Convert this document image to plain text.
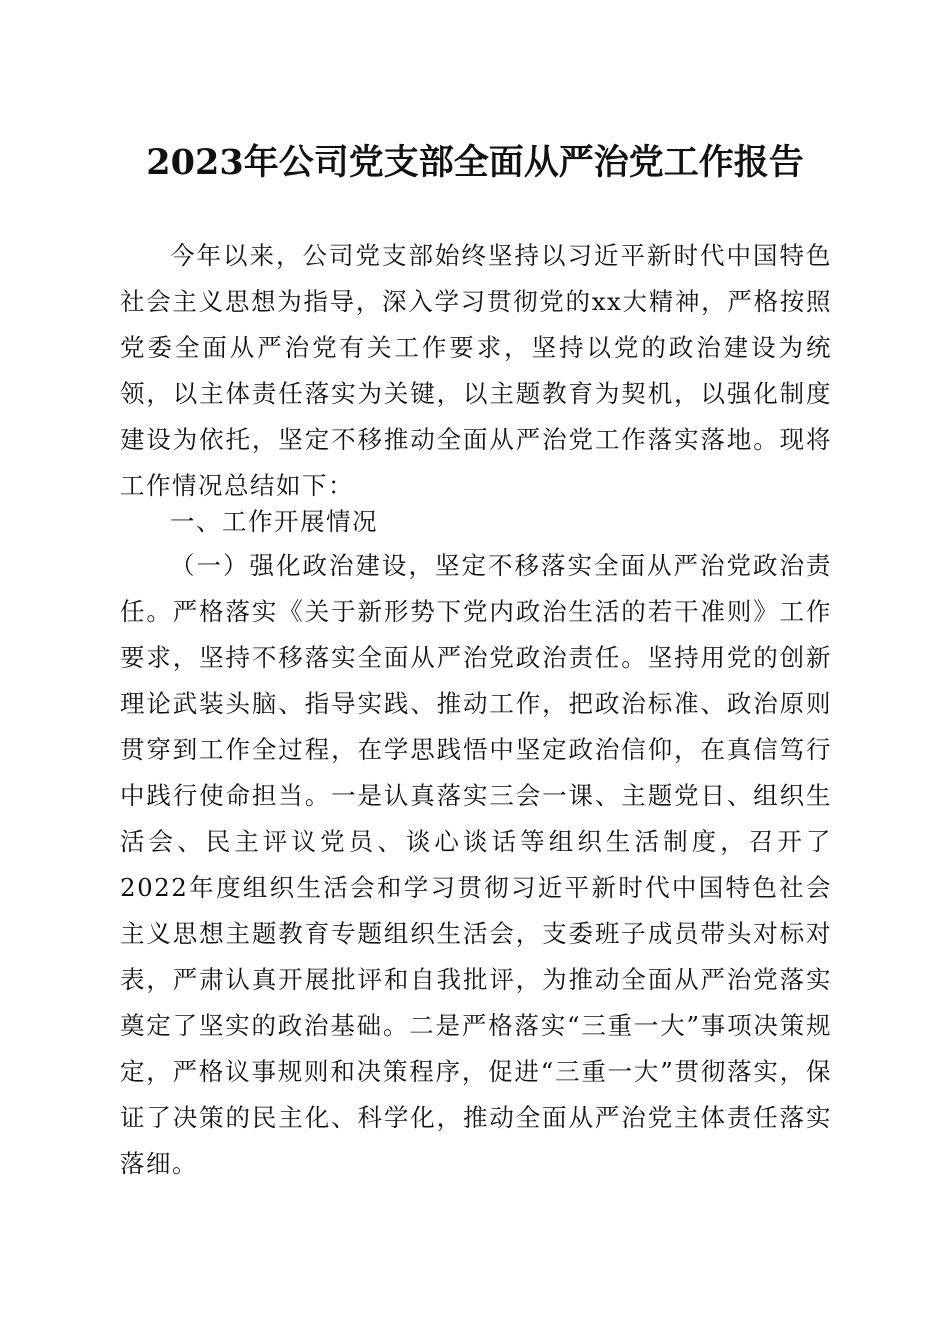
2023年公司党支部全面从严治党工作报告

今年以来，公司党支部始终坚持以习近平新时代中国特色社会主义思想为指导，深入学习贯彻党的xx大精神，严格按照党委全面从严治党有关工作要求，坚持以党的政治建设为统领，以主体责任落实为关键，以主题教育为契机，以强化制度建设为依托，坚定不移推动全面从严治党工作落实落地。现将工作情况总结如下：

一、工作开展情况

（一）强化政治建设，坚定不移落实全面从严治党政治责任。严格落实《关于新形势下党内政治生活的若干准则》工作要求，坚持不移落实全面从严治党政治责任。坚持用党的创新理论武装头脑、指导实践、推动工作，把政治标准、政治原则贯穿到工作全过程，在学思践悟中坚定政治信仰，在真信笃行中践行使命担当。一是认真落实三会一课、主题党日、组织生活会、民主评议党员、谈心谈话等组织生活制度，召开了2022年度组织生活会和学习贯彻习近平新时代中国特色社会主义思想主题教育专题组织生活会，支委班子成员带头对标对表，严肃认真开展批评和自我批评，为推动全面从严治党落实奠定了坚实的政治基础。二是严格落实“三重一大”事项决策规定，严格议事规则和决策程序，促进“三重一大”贯彻落实，保证了决策的民主化、科学化，推动全面从严治党主体责任落实落细。
